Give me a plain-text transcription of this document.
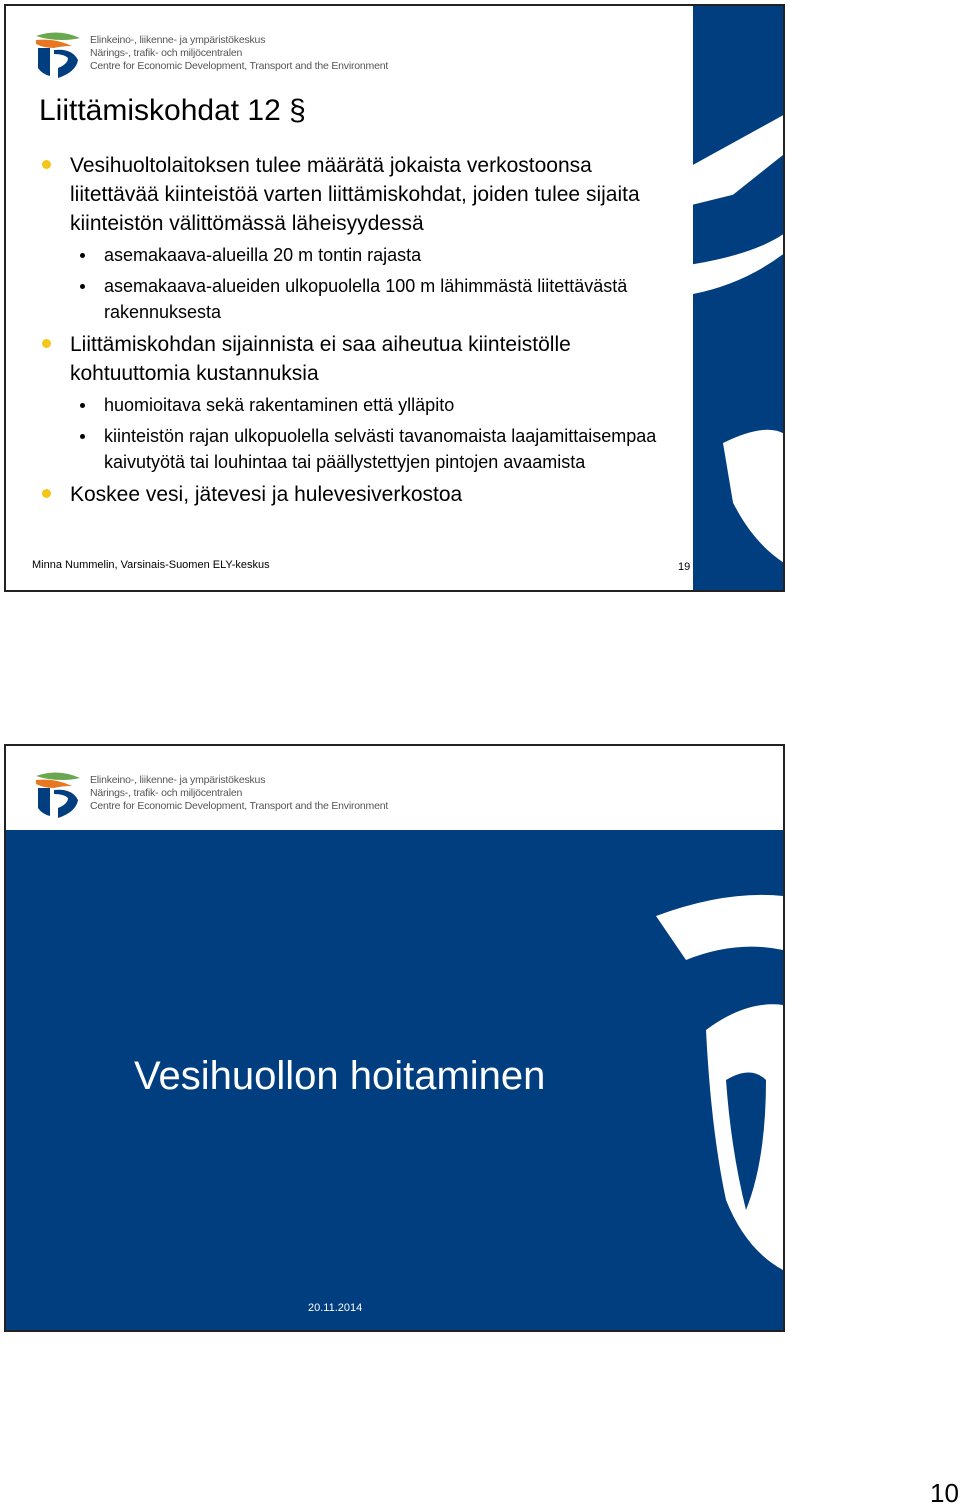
Elinkeino-, liikenne- ja ympäristökeskus
Närings-, trafik- och miljöcentralen
Centre for Economic Development, Transport and the Environment
Liittämiskohdat 12 §
Vesihuoltolaitoksen tulee määrätä jokaista verkostoonsa liitettävää kiinteistöä varten liittämiskohdat, joiden tulee sijaita kiinteistön välittömässä läheisyydessä
asemakaava-alueilla 20 m tontin rajasta
asemakaava-alueiden ulkopuolella 100 m lähimmästä liitettävästä rakennuksesta
Liittämiskohdan sijainnista ei saa aiheutua kiinteistölle kohtuuttomia kustannuksia
huomioitava sekä rakentaminen että ylläpito
kiinteistön rajan ulkopuolella selvästi tavanomaista laajamittaisempaa kaivutyötä tai louhintaa tai päällystettyjen pintojen avaamista
Koskee vesi, jätevesi ja hulevesiverkostoa
Minna Nummelin, Varsinais-Suomen ELY-keskus	19
Elinkeino-, liikenne- ja ympäristökeskus
Närings-, trafik- och miljöcentralen
Centre for Economic Development, Transport and the Environment
Vesihuollon hoitaminen
20.11.2014
10
